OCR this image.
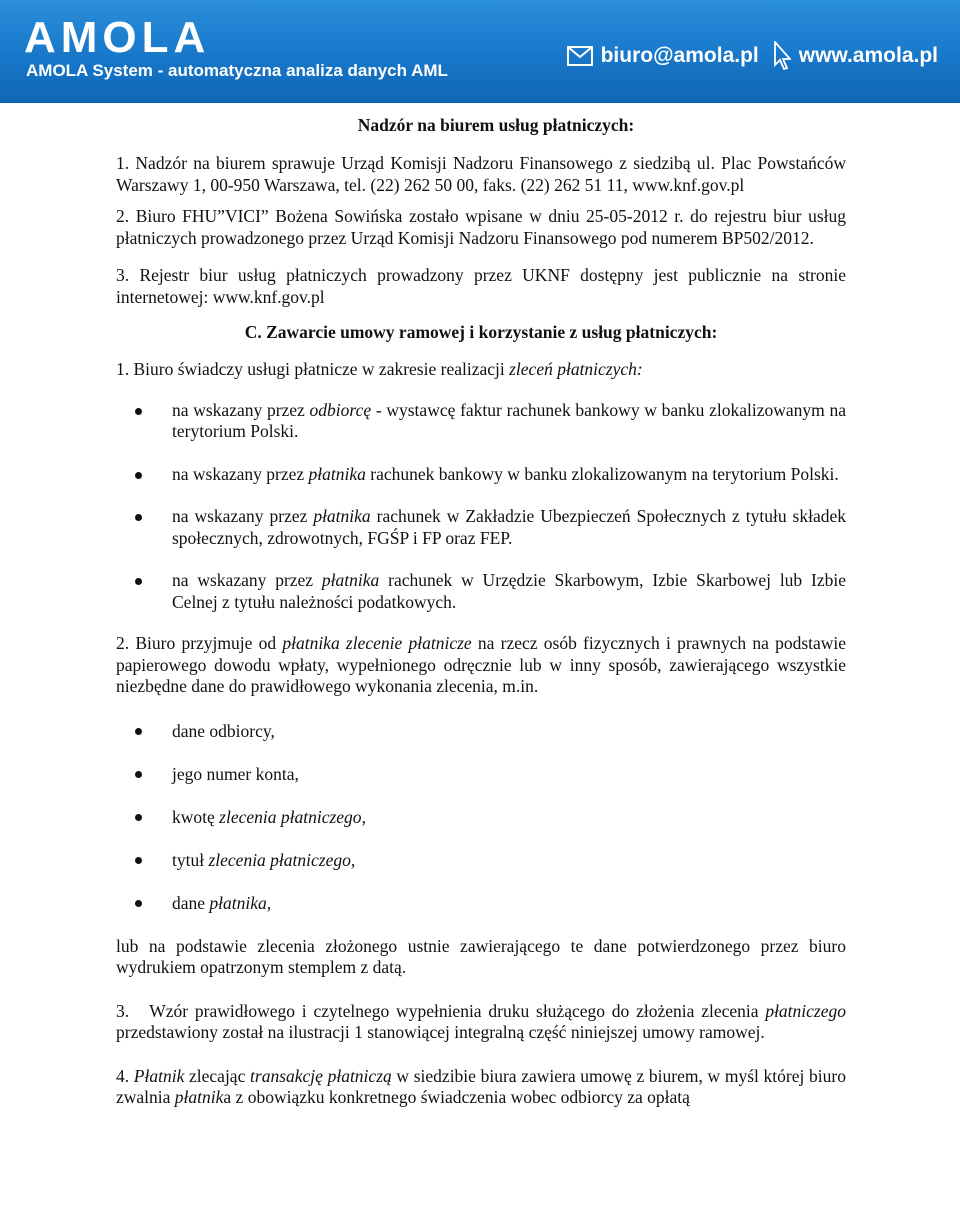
AMOLA
AMOLA System - automatyczna analiza danych AML
biuro@amola.pl www.amola.pl
Nadzór na biurem usług płatniczych:

1. Nadzór na biurem sprawuje Urząd Komisji Nadzoru Finansowego z siedzibą ul. Plac Powstańców Warszawy 1, 00-950 Warszawa, tel. (22) 262 50 00, faks. (22) 262 51 11, www.knf.gov.pl

2. Biuro FHU”VICI” Bożena Sowińska zostało wpisane w dniu 25-05-2012 r. do rejestru biur usług płatniczych prowadzonego przez Urząd Komisji Nadzoru Finansowego pod numerem BP502/2012.

3. Rejestr biur usług płatniczych prowadzony przez UKNF dostępny jest publicznie na stronie internetowej: www.knf.gov.pl

C. Zawarcie umowy ramowej i korzystanie z usług płatniczych:

1. Biuro świadczy usługi płatnicze w zakresie realizacji zleceń płatniczych:

na wskazany przez odbiorcę - wystawcę faktur rachunek bankowy w banku zlokalizowanym na terytorium Polski.

na wskazany przez płatnika rachunek bankowy w banku zlokalizowanym na terytorium Polski.

na wskazany przez płatnika rachunek w Zakładzie Ubezpieczeń Społecznych z tytułu składek społecznych, zdrowotnych, FGŚP i FP oraz FEP.

na wskazany przez płatnika rachunek w Urzędzie Skarbowym, Izbie Skarbowej lub Izbie Celnej z tytułu należności podatkowych.

2. Biuro przyjmuje od płatnika zlecenie płatnicze na rzecz osób fizycznych i prawnych na podstawie papierowego dowodu wpłaty, wypełnionego odręcznie lub w inny sposób, zawierającego wszystkie niezbędne dane do prawidłowego wykonania zlecenia, m.in.

dane odbiorcy,

jego numer konta,

kwotę zlecenia płatniczego,

tytuł zlecenia płatniczego,

dane płatnika,

lub na podstawie zlecenia złożonego ustnie zawierającego te dane potwierdzonego przez biuro wydrukiem opatrzonym stemplem z datą.

3. Wzór prawidłowego i czytelnego wypełnienia druku służącego do złożenia zlecenia płatniczego przedstawiony został na ilustracji 1 stanowiącej integralną część niniejszej umowy ramowej.

4. Płatnik zlecając transakcję płatniczą w siedzibie biura zawiera umowę z biurem, w myśl której biuro zwalnia płatnika z obowiązku konkretnego świadczenia wobec odbiorcy za opłatą
